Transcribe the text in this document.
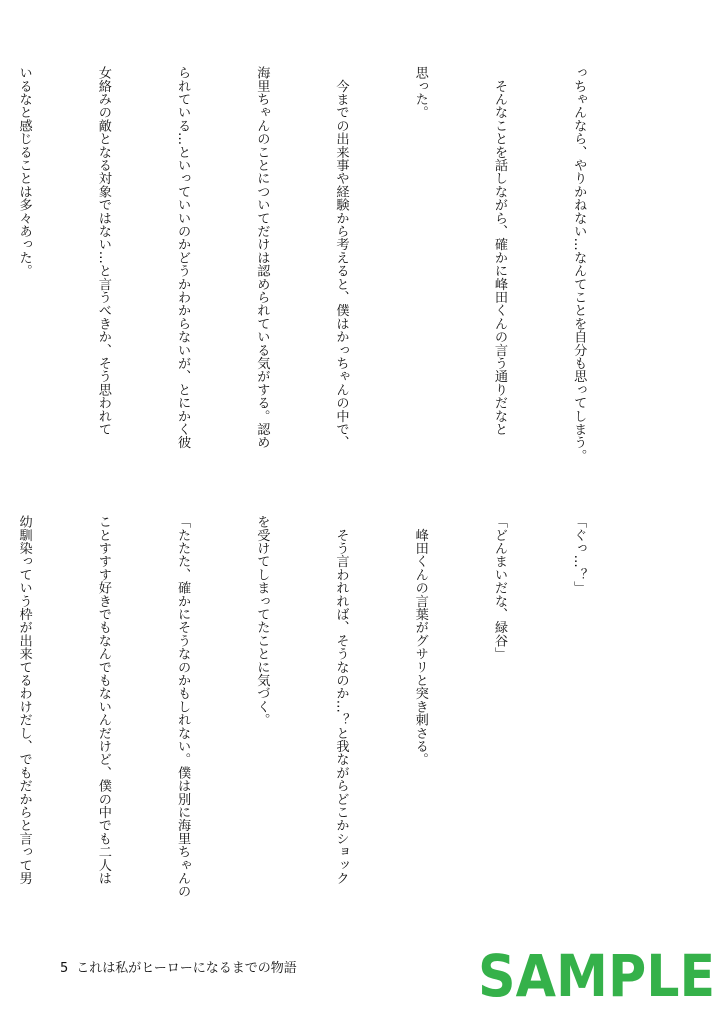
っちゃんなら、やりかねない…なんてことを自分も思ってしまう。

　そんなことを話しながら、確かに峰田くんの言う通りだなと

思った。

　今までの出来事や経験から考えると、僕はかっちゃんの中で、

海里ちゃんのことについてだけは認められている気がする。認め

られている…といっていいのかどうかわからないが、とにかく彼

女絡みの敵となる対象ではない…と言うべきか、そう思われて

いるなと感じることは多々あった。

「ぐっ…？」

「どんまいだな、緑谷」

　峰田くんの言葉がグサリと突き刺さる。

　そう言われれば、そうなのか…？と我ながらどこかショック

を受けてしまってたことに気づく。

「たたた、確かにそうなのかもしれない。僕は別に海里ちゃんの

ことすすす好きでもなんでもないんだけど、僕の中でも二人は

幼馴染っていう枠が出来てるわけだし、でもだからと言って男

5 これは私がヒーローになるまでの物語	SAMPLE
